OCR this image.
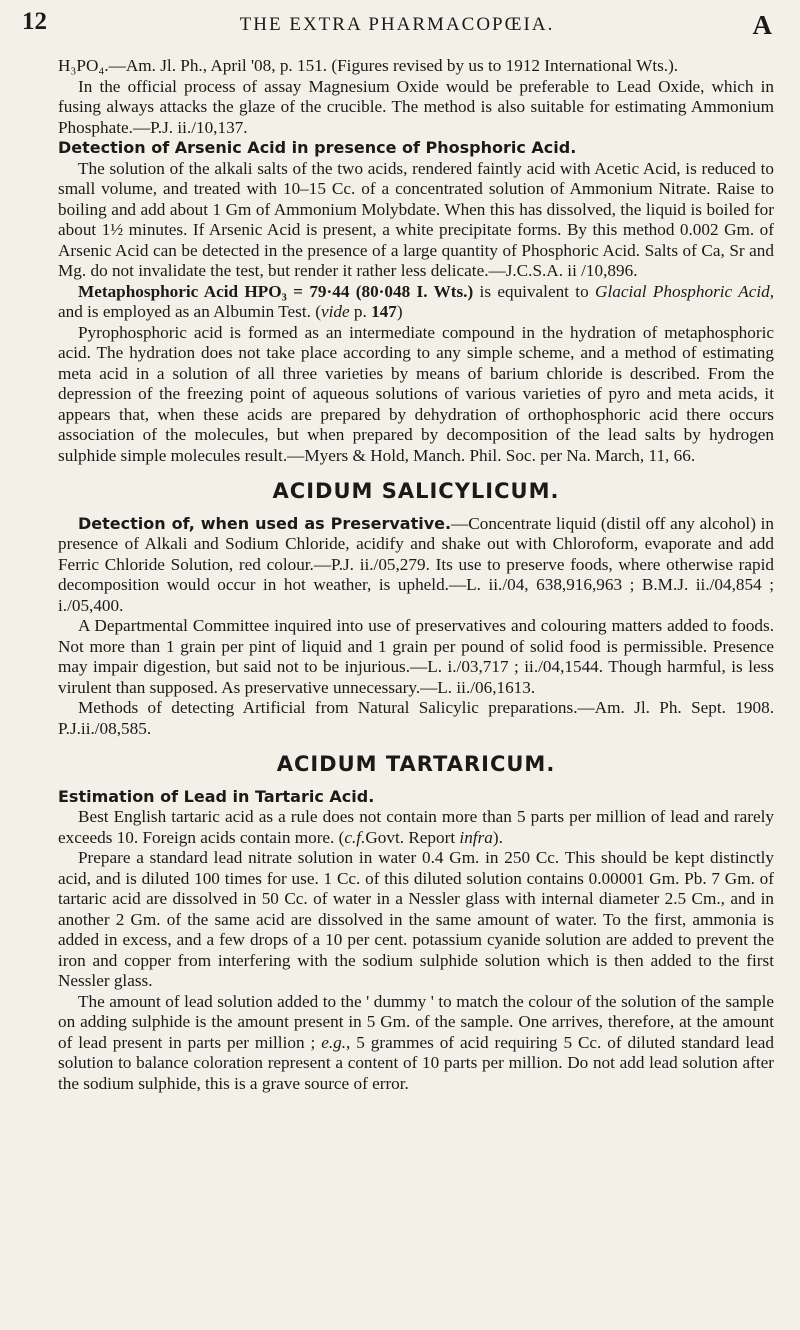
12	THE EXTRA PHARMACOPŒIA.	A

H₃PO₄.—Am. Jl. Ph., April '08, p. 151. (Figures revised by us to 1912 International Wts.).

In the official process of assay Magnesium Oxide would be preferable to Lead Oxide, which in fusing always attacks the glaze of the crucible. The method is also suitable for estimating Ammonium Phosphate.—P.J. ii./10,137.

Detection of Arsenic Acid in presence of Phosphoric Acid.

The solution of the alkali salts of the two acids, rendered faintly acid with Acetic Acid, is reduced to small volume, and treated with 10–15 Cc. of a concentrated solution of Ammonium Nitrate. Raise to boiling and add about 1 Gm of Ammonium Molybdate. When this has dissolved, the liquid is boiled for about 1½ minutes. If Arsenic Acid is present, a white precipitate forms. By this method 0.002 Gm. of Arsenic Acid can be detected in the presence of a large quantity of Phosphoric Acid. Salts of Ca, Sr and Mg. do not invalidate the test, but render it rather less delicate.—J.C.S.A. ii /10,896.

Metaphosphoric Acid HPO₃ = 79·44 (80·048 I. Wts.) is equivalent to Glacial Phosphoric Acid, and is employed as an Albumin Test. (vide p. 147)

Pyrophosphoric acid is formed as an intermediate compound in the hydration of metaphosphoric acid. The hydration does not take place according to any simple scheme, and a method of estimating meta acid in a solution of all three varieties by means of barium chloride is described. From the depression of the freezing point of aqueous solutions of various varieties of pyro and meta acids, it appears that, when these acids are prepared by dehydration of orthophosphoric acid there occurs association of the molecules, but when prepared by decomposition of the lead salts by hydrogen sulphide simple molecules result.—Myers & Hold, Manch. Phil. Soc. per Na. March, 11, 66.

ACIDUM SALICYLICUM.

Detection of, when used as Preservative.—Concentrate liquid (distil off any alcohol) in presence of Alkali and Sodium Chloride, acidify and shake out with Chloroform, evaporate and add Ferric Chloride Solution, red colour.—P.J. ii./05,279. Its use to preserve foods, where otherwise rapid decomposition would occur in hot weather, is upheld.—L. ii./04, 638,916,963 ; B.M.J. ii./04,854 ; i./05,400.

A Departmental Committee inquired into use of preservatives and colouring matters added to foods. Not more than 1 grain per pint of liquid and 1 grain per pound of solid food is permissible. Presence may impair digestion, but said not to be injurious.—L. i./03,717 ; ii./04,1544. Though harmful, is less virulent than supposed. As preservative unnecessary.—L. ii./06,1613.

Methods of detecting Artificial from Natural Salicylic preparations.—Am. Jl. Ph. Sept. 1908. P.J.ii./08,585.

ACIDUM TARTARICUM.

Estimation of Lead in Tartaric Acid.

Best English tartaric acid as a rule does not contain more than 5 parts per million of lead and rarely exceeds 10. Foreign acids contain more. (c.f.Govt. Report infra).

Prepare a standard lead nitrate solution in water 0.4 Gm. in 250 Cc. This should be kept distinctly acid, and is diluted 100 times for use. 1 Cc. of this diluted solution contains 0.00001 Gm. Pb. 7 Gm. of tartaric acid are dissolved in 50 Cc. of water in a Nessler glass with internal diameter 2.5 Cm., and in another 2 Gm. of the same acid are dissolved in the same amount of water. To the first, ammonia is added in excess, and a few drops of a 10 per cent. potassium cyanide solution are added to prevent the iron and copper from interfering with the sodium sulphide solution which is then added to the first Nessler glass.

The amount of lead solution added to the ' dummy ' to match the colour of the solution of the sample on adding sulphide is the amount present in 5 Gm. of the sample. One arrives, therefore, at the amount of lead present in parts per million ; e.g., 5 grammes of acid requiring 5 Cc. of diluted standard lead solution to balance coloration represent a content of 10 parts per million. Do not add lead solution after the sodium sulphide, this is a grave source of error.
